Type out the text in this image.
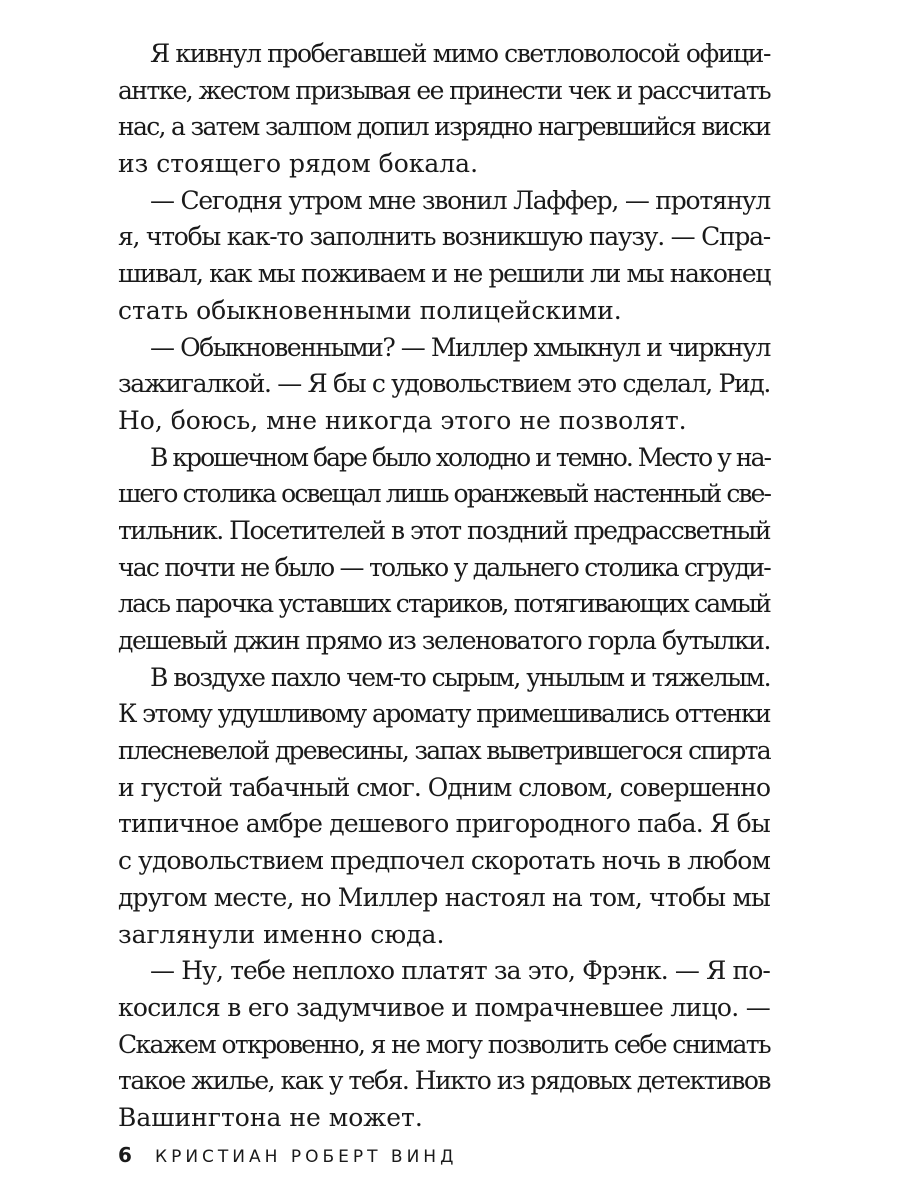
Я кивнул пробегавшей мимо светловолосой офици-
антке, жестом призывая ее принести чек и рассчитать
нас, а затем залпом допил изрядно нагревшийся виски
из стоящего рядом бокала.
— Сегодня утром мне звонил Лаффер, — протянул
я, чтобы как-то заполнить возникшую паузу. — Спра-
шивал, как мы поживаем и не решили ли мы наконец
стать обыкновенными полицейскими.
— Обыкновенными? — Миллер хмыкнул и чиркнул
зажигалкой. — Я бы с удовольствием это сделал, Рид.
Но, боюсь, мне никогда этого не позволят.
В крошечном баре было холодно и темно. Место у на-
шего столика освещал лишь оранжевый настенный све-
тильник. Посетителей в этот поздний предрассветный
час почти не было — только у дальнего столика сгруди-
лась парочка уставших стариков, потягивающих самый
дешевый джин прямо из зеленоватого горла бутылки.
В воздухе пахло чем-то сырым, унылым и тяжелым.
К этому удушливому аромату примешивались оттенки
плесневелой древесины, запах выветрившегося спирта
и густой табачный смог. Одним словом, совершенно
типичное амбре дешевого пригородного паба. Я бы
с удовольствием предпочел скоротать ночь в любом
другом месте, но Миллер настоял на том, чтобы мы
заглянули именно сюда.
— Ну, тебе неплохо платят за это, Фрэнк. — Я по-
косился в его задумчивое и помрачневшее лицо. —
Скажем откровенно, я не могу позволить себе снимать
такое жилье, как у тебя. Никто из рядовых детективов
Вашингтона не может.
6 КРИСТИАН РОБЕРТ ВИНД
